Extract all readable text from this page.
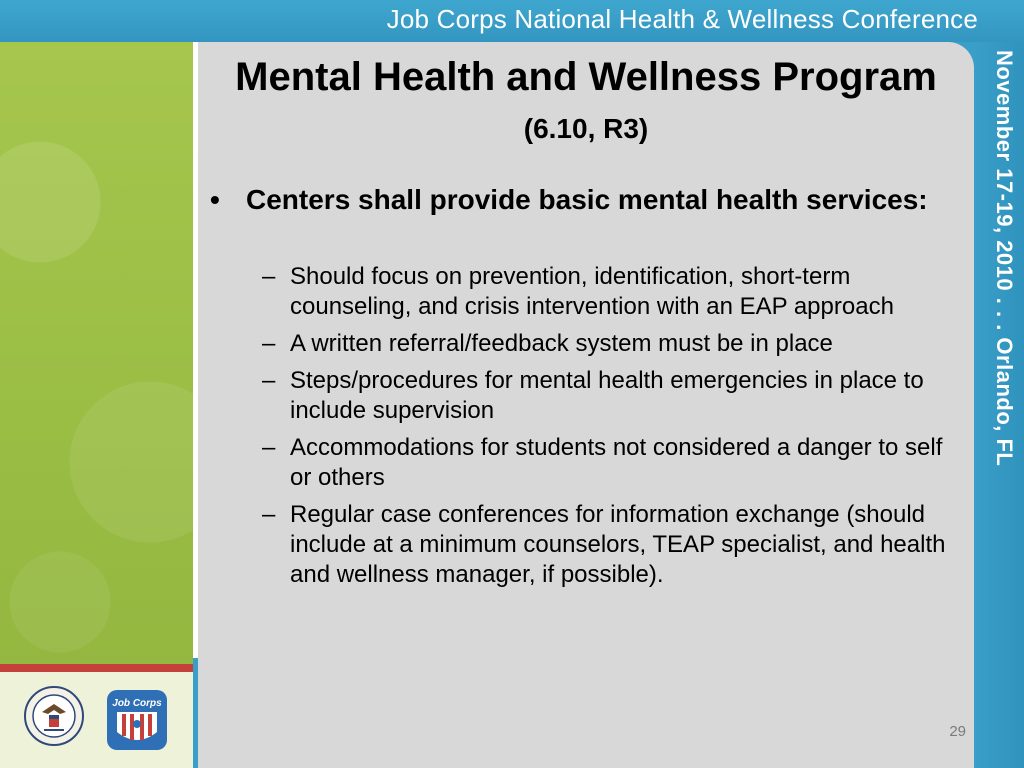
Job Corps National Health & Wellness Conference
November 17-19, 2010 . . . Orlando, FL
Mental Health and Wellness Program
(6.10, R3)
• Centers shall provide basic mental health services:
– Should focus on prevention, identification, short-term counseling, and crisis intervention with an EAP approach
– A written referral/feedback system must be in place
– Steps/procedures for mental health emergencies in place to include supervision
– Accommodations for students not considered a danger to self or others
– Regular case conferences for information exchange (should include at a minimum counselors, TEAP specialist, and health and wellness manager, if possible).
29
Job Corps
